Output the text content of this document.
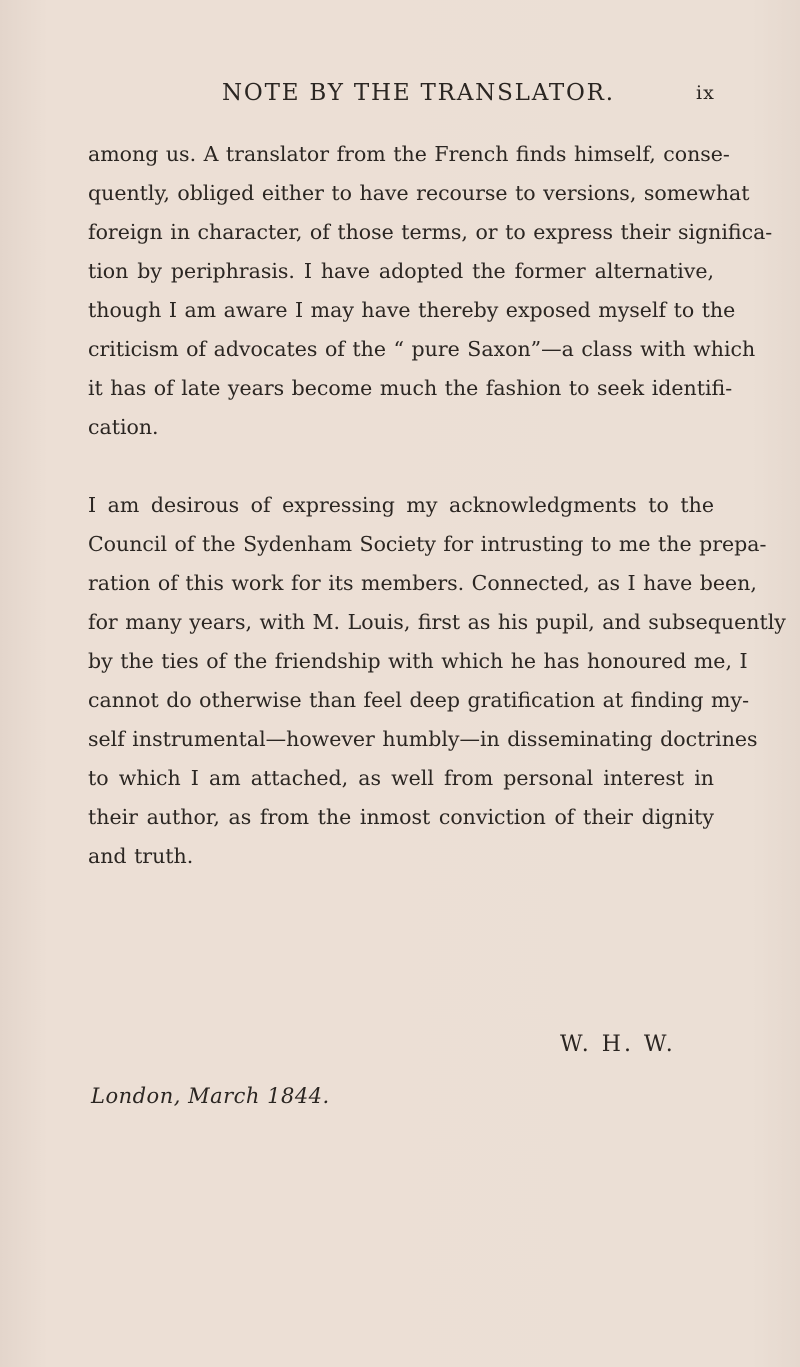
NOTE BY THE TRANSLATOR.	ix

among us. A translator from the French finds himself, conse-
quently, obliged either to have recourse to versions, somewhat
foreign in character, of those terms, or to express their significa-
tion by periphrasis. I have adopted the former alternative,
though I am aware I may have thereby exposed myself to the
criticism of advocates of the “ pure Saxon”—a class with which
it has of late years become much the fashion to seek identifi-
cation.

I am desirous of expressing my acknowledgments to the
Council of the Sydenham Society for intrusting to me the prepa-
ration of this work for its members. Connected, as I have been,
for many years, with M. Louis, first as his pupil, and subsequently
by the ties of the friendship with which he has honoured me, I
cannot do otherwise than feel deep gratification at finding my-
self instrumental—however humbly—in disseminating doctrines
to which I am attached, as well from personal interest in
their author, as from the inmost conviction of their dignity
and truth.

W. H. W.
London, March 1844.
